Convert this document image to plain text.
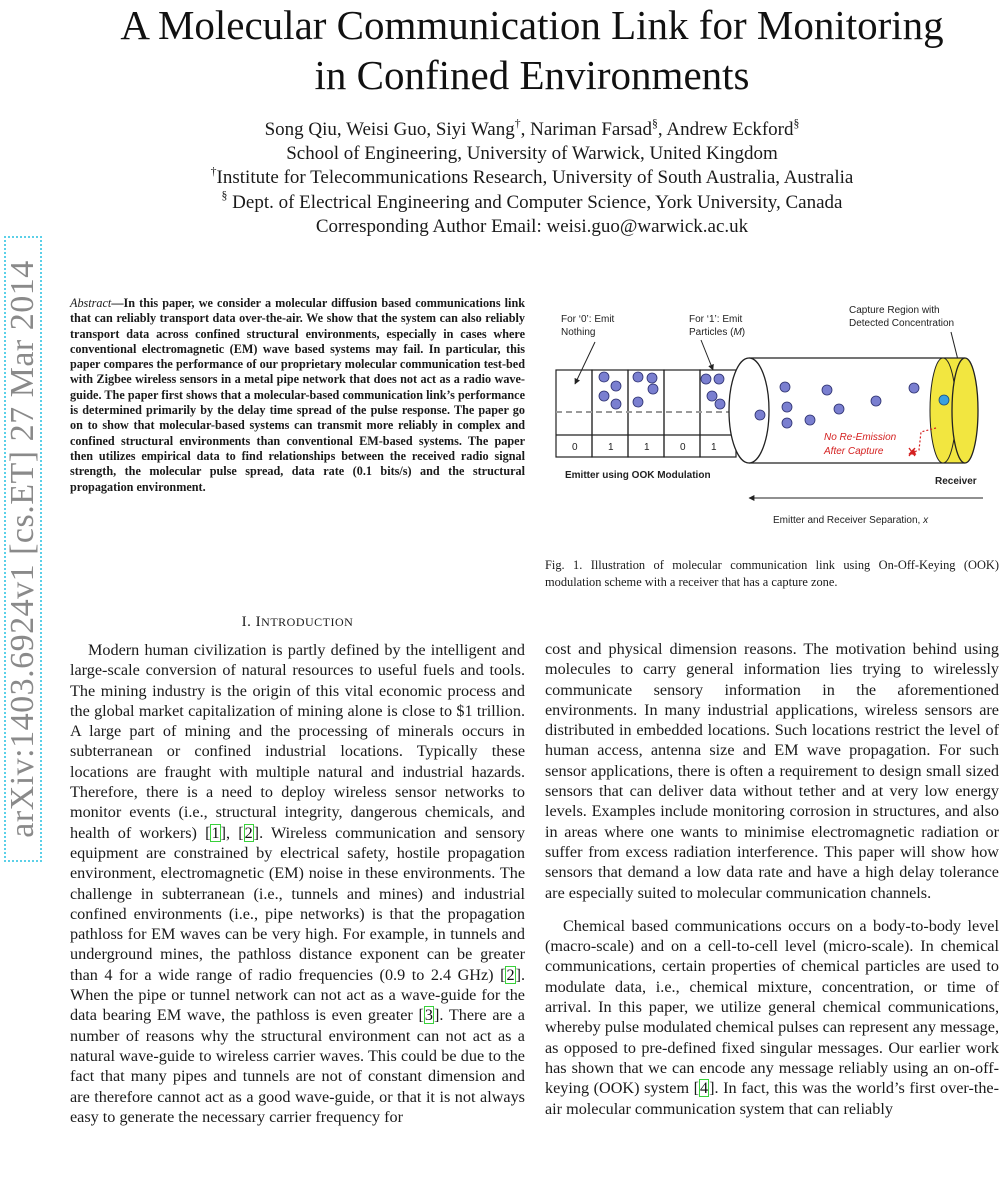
arXiv:1403.6924v1 [cs.ET] 27 Mar 2014
A Molecular Communication Link for Monitoring
in Confined Environments
Song Qiu, Weisi Guo, Siyi Wang†, Nariman Farsad§, Andrew Eckford§
School of Engineering, University of Warwick, United Kingdom
†Institute for Telecommunications Research, University of South Australia, Australia
§ Dept. of Electrical Engineering and Computer Science, York University, Canada
Corresponding Author Email: weisi.guo@warwick.ac.uk

Abstract—In this paper, we consider a molecular diffusion based communications link that can reliably transport data over-the-air. We show that the system can also reliably transport data across confined structural environments, especially in cases where conventional electromagnetic (EM) wave based systems may fail. In particular, this paper compares the performance of our proprietary molecular communication test-bed with Zigbee wireless sensors in a metal pipe network that does not act as a radio wave-guide. The paper first shows that a molecular-based communication link’s performance is determined primarily by the delay time spread of the pulse response. The paper go on to show that molecular-based systems can transmit more reliably in complex and confined structural environments than conventional EM-based systems. The paper then utilizes empirical data to find relationships between the received radio signal strength, the molecular pulse spread, data rate (0.1 bits/s) and the structural propagation environment.

I. INTRODUCTION

Modern human civilization is partly defined by the intelligent and large-scale conversion of natural resources to useful fuels and tools. The mining industry is the origin of this vital economic process and the global market capitalization of mining alone is close to $1 trillion. A large part of mining and the processing of minerals occurs in subterranean or confined industrial locations. Typically these locations are fraught with multiple natural and industrial hazards. Therefore, there is a need to deploy wireless sensor networks to monitor events (i.e., structural integrity, dangerous chemicals, and health of workers) [1], [2]. Wireless communication and sensory equipment are constrained by electrical safety, hostile propagation environment, electromagnetic (EM) noise in these environments. The challenge in subterranean (i.e., tunnels and mines) and industrial confined environments (i.e., pipe networks) is that the propagation pathloss for EM waves can be very high. For example, in tunnels and underground mines, the pathloss distance exponent can be greater than 4 for a wide range of radio frequencies (0.9 to 2.4 GHz) [2]. When the pipe or tunnel network can not act as a wave-guide for the data bearing EM wave, the pathloss is even greater [3]. There are a number of reasons why the structural environment can not act as a natural wave-guide to wireless carrier waves. This could be due to the fact that many pipes and tunnels are not of constant dimension and are therefore cannot act as a good wave-guide, or that it is not always easy to generate the necessary carrier frequency for

For ‘0’: Emit
Nothing
For ‘1’: Emit
Particles (M)
Capture Region with
Detected Concentration
0	1	1	0	1
No Re-Emission
After Capture
Emitter using OOK Modulation
Receiver
Emitter and Receiver Separation, x

Fig. 1. Illustration of molecular communication link using On-Off-Keying (OOK) modulation scheme with a receiver that has a capture zone.

cost and physical dimension reasons. The motivation behind using molecules to carry general information lies trying to wirelessly communicate sensory information in the aforementioned environments. In many industrial applications, wireless sensors are distributed in embedded locations. Such locations restrict the level of human access, antenna size and EM wave propagation. For such sensor applications, there is often a requirement to design small sized sensors that can deliver data without tether and at very low energy levels. Examples include monitoring corrosion in structures, and also in areas where one wants to minimise electromagnetic radiation or suffer from excess radiation interference. This paper will show how sensors that demand a low data rate and have a high delay tolerance are especially suited to molecular communication channels.

Chemical based communications occurs on a body-to-body level (macro-scale) and on a cell-to-cell level (micro-scale). In chemical communications, certain properties of chemical particles are used to modulate data, i.e., chemical mixture, concentration, or time of arrival. In this paper, we utilize general chemical communications, whereby pulse modulated chemical pulses can represent any message, as opposed to pre-defined fixed singular messages. Our earlier work has shown that we can encode any message reliably using an on-off-keying (OOK) system [4]. In fact, this was the world’s first over-the-air molecular communication system that can reliably
